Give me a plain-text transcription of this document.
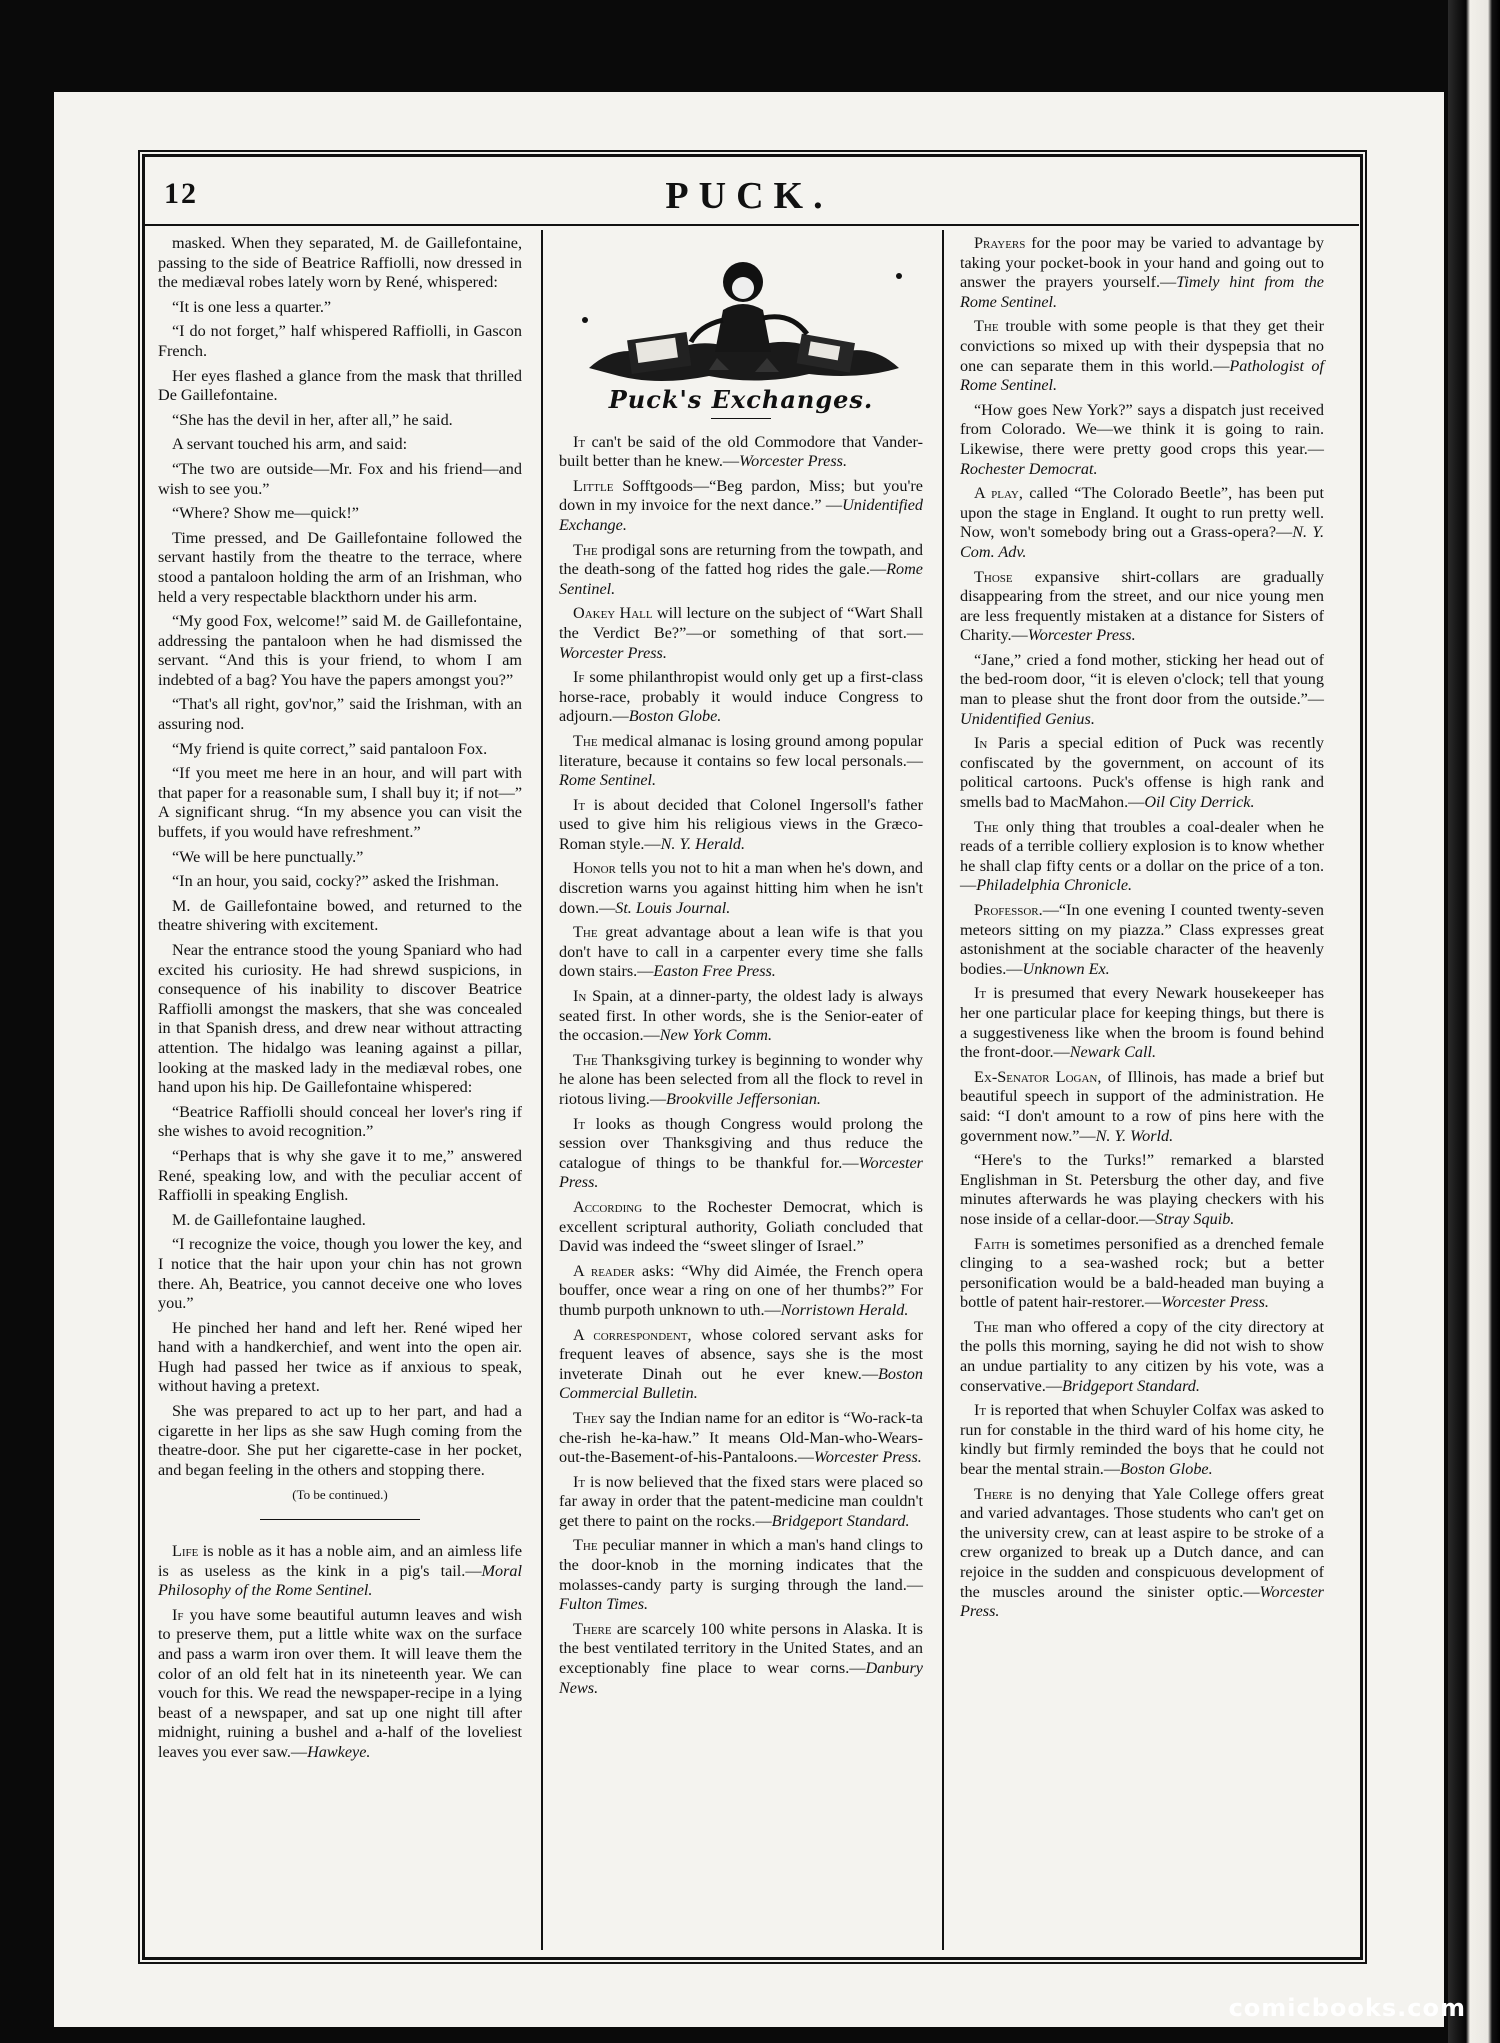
12	PUCK.

masked. When they separated, M. de Gaillefontaine, passing to the side of Beatrice Raffiolli, now dressed in the mediæval robes lately worn by René, whispered:

“It is one less a quarter.”

“I do not forget,” half whispered Raffiolli, in Gascon French.

Her eyes flashed a glance from the mask that thrilled De Gaillefontaine.

“She has the devil in her, after all,” he said.

A servant touched his arm, and said:

“The two are outside—Mr. Fox and his friend—and wish to see you.”

“Where? Show me—quick!”

Time pressed, and De Gaillefontaine followed the servant hastily from the theatre to the terrace, where stood a pantaloon holding the arm of an Irishman, who held a very respectable blackthorn under his arm.

“My good Fox, welcome!” said M. de Gaillefontaine, addressing the pantaloon when he had dismissed the servant. “And this is your friend, to whom I am indebted of a bag? You have the papers amongst you?”

“That's all right, gov'nor,” said the Irishman, with an assuring nod.

“My friend is quite correct,” said pantaloon Fox.

“If you meet me here in an hour, and will part with that paper for a reasonable sum, I shall buy it; if not—” A significant shrug. “In my absence you can visit the buffets, if you would have refreshment.”

“We will be here punctually.”

“In an hour, you said, cocky?” asked the Irishman.

M. de Gaillefontaine bowed, and returned to the theatre shivering with excitement.

Near the entrance stood the young Spaniard who had excited his curiosity. He had shrewd suspicions, in consequence of his inability to discover Beatrice Raffiolli amongst the maskers, that she was concealed in that Spanish dress, and drew near without attracting attention. The hidalgo was leaning against a pillar, looking at the masked lady in the mediæval robes, one hand upon his hip. De Gaillefontaine whispered:

“Beatrice Raffiolli should conceal her lover's ring if she wishes to avoid recognition.”

“Perhaps that is why she gave it to me,” answered René, speaking low, and with the peculiar accent of Raffiolli in speaking English.

M. de Gaillefontaine laughed.

“I recognize the voice, though you lower the key, and I notice that the hair upon your chin has not grown there. Ah, Beatrice, you cannot deceive one who loves you.”

He pinched her hand and left her. René wiped her hand with a handkerchief, and went into the open air. Hugh had passed her twice as if anxious to speak, without having a pretext.

She was prepared to act up to her part, and had a cigarette in her lips as she saw Hugh coming from the theatre-door. She put her cigarette-case in her pocket, and began feeling in the others and stopping there.

(To be continued.)

Life is noble as it has a noble aim, and an aimless life is as useless as the kink in a pig's tail.—Moral Philosophy of the Rome Sentinel.

If you have some beautiful autumn leaves and wish to preserve them, put a little white wax on the surface and pass a warm iron over them. It will leave them the color of an old felt hat in its nineteenth year. We can vouch for this. We read the newspaper-recipe in a lying beast of a newspaper, and sat up one night till after midnight, ruining a bushel and a-half of the loveliest leaves you ever saw.—Hawkeye.

Puck's Exchanges.

It can't be said of the old Commodore that Vander-built better than he knew.—Worcester Press.

Little Sofftgoods—“Beg pardon, Miss; but you're down in my invoice for the next dance.” —Unidentified Exchange.

The prodigal sons are returning from the towpath, and the death-song of the fatted hog rides the gale.—Rome Sentinel.

Oakey Hall will lecture on the subject of “Wart Shall the Verdict Be?”—or something of that sort.—Worcester Press.

If some philanthropist would only get up a first-class horse-race, probably it would induce Congress to adjourn.—Boston Globe.

The medical almanac is losing ground among popular literature, because it contains so few local personals.—Rome Sentinel.

It is about decided that Colonel Ingersoll's father used to give him his religious views in the Græco-Roman style.—N. Y. Herald.

Honor tells you not to hit a man when he's down, and discretion warns you against hitting him when he isn't down.—St. Louis Journal.

The great advantage about a lean wife is that you don't have to call in a carpenter every time she falls down stairs.—Easton Free Press.

In Spain, at a dinner-party, the oldest lady is always seated first. In other words, she is the Senior-eater of the occasion.—New York Comm.

The Thanksgiving turkey is beginning to wonder why he alone has been selected from all the flock to revel in riotous living.—Brookville Jeffersonian.

It looks as though Congress would prolong the session over Thanksgiving and thus reduce the catalogue of things to be thankful for.—Worcester Press.

According to the Rochester Democrat, which is excellent scriptural authority, Goliath concluded that David was indeed the “sweet slinger of Israel.”

A reader asks: “Why did Aimée, the French opera bouffer, once wear a ring on one of her thumbs?” For thumb purpoth unknown to uth.—Norristown Herald.

A correspondent, whose colored servant asks for frequent leaves of absence, says she is the most inveterate Dinah out he ever knew.—Boston Commercial Bulletin.

They say the Indian name for an editor is “Wo-rack-ta che-rish he-ka-haw.” It means Old-Man-who-Wears-out-the-Basement-of-his-Pantaloons.—Worcester Press.

It is now believed that the fixed stars were placed so far away in order that the patent-medicine man couldn't get there to paint on the rocks.—Bridgeport Standard.

The peculiar manner in which a man's hand clings to the door-knob in the morning indicates that the molasses-candy party is surging through the land.—Fulton Times.

There are scarcely 100 white persons in Alaska. It is the best ventilated territory in the United States, and an exceptionably fine place to wear corns.—Danbury News.

Prayers for the poor may be varied to advantage by taking your pocket-book in your hand and going out to answer the prayers yourself.—Timely hint from the Rome Sentinel.

The trouble with some people is that they get their convictions so mixed up with their dyspepsia that no one can separate them in this world.—Pathologist of Rome Sentinel.

“How goes New York?” says a dispatch just received from Colorado. We—we think it is going to rain. Likewise, there were pretty good crops this year.—Rochester Democrat.

A play, called “The Colorado Beetle”, has been put upon the stage in England. It ought to run pretty well. Now, won't somebody bring out a Grass-opera?—N. Y. Com. Adv.

Those expansive shirt-collars are gradually disappearing from the street, and our nice young men are less frequently mistaken at a distance for Sisters of Charity.—Worcester Press.

“Jane,” cried a fond mother, sticking her head out of the bed-room door, “it is eleven o'clock; tell that young man to please shut the front door from the outside.”—Unidentified Genius.

In Paris a special edition of Puck was recently confiscated by the government, on account of its political cartoons. Puck's offense is high rank and smells bad to MacMahon.—Oil City Derrick.

The only thing that troubles a coal-dealer when he reads of a terrible colliery explosion is to know whether he shall clap fifty cents or a dollar on the price of a ton.—Philadelphia Chronicle.

Professor.—“In one evening I counted twenty-seven meteors sitting on my piazza.” Class expresses great astonishment at the sociable character of the heavenly bodies.—Unknown Ex.

It is presumed that every Newark housekeeper has her one particular place for keeping things, but there is a suggestiveness like when the broom is found behind the front-door.—Newark Call.

Ex-Senator Logan, of Illinois, has made a brief but beautiful speech in support of the administration. He said: “I don't amount to a row of pins here with the government now.”—N. Y. World.

“Here's to the Turks!” remarked a blarsted Englishman in St. Petersburg the other day, and five minutes afterwards he was playing checkers with his nose inside of a cellar-door.—Stray Squib.

Faith is sometimes personified as a drenched female clinging to a sea-washed rock; but a better personification would be a bald-headed man buying a bottle of patent hair-restorer.—Worcester Press.

The man who offered a copy of the city directory at the polls this morning, saying he did not wish to show an undue partiality to any citizen by his vote, was a conservative.—Bridgeport Standard.

It is reported that when Schuyler Colfax was asked to run for constable in the third ward of his home city, he kindly but firmly reminded the boys that he could not bear the mental strain.—Boston Globe.

There is no denying that Yale College offers great and varied advantages. Those students who can't get on the university crew, can at least aspire to be stroke of a crew organized to break up a Dutch dance, and can rejoice in the sudden and conspicuous development of the muscles around the sinister optic.—Worcester Press.

comicbooks.com
